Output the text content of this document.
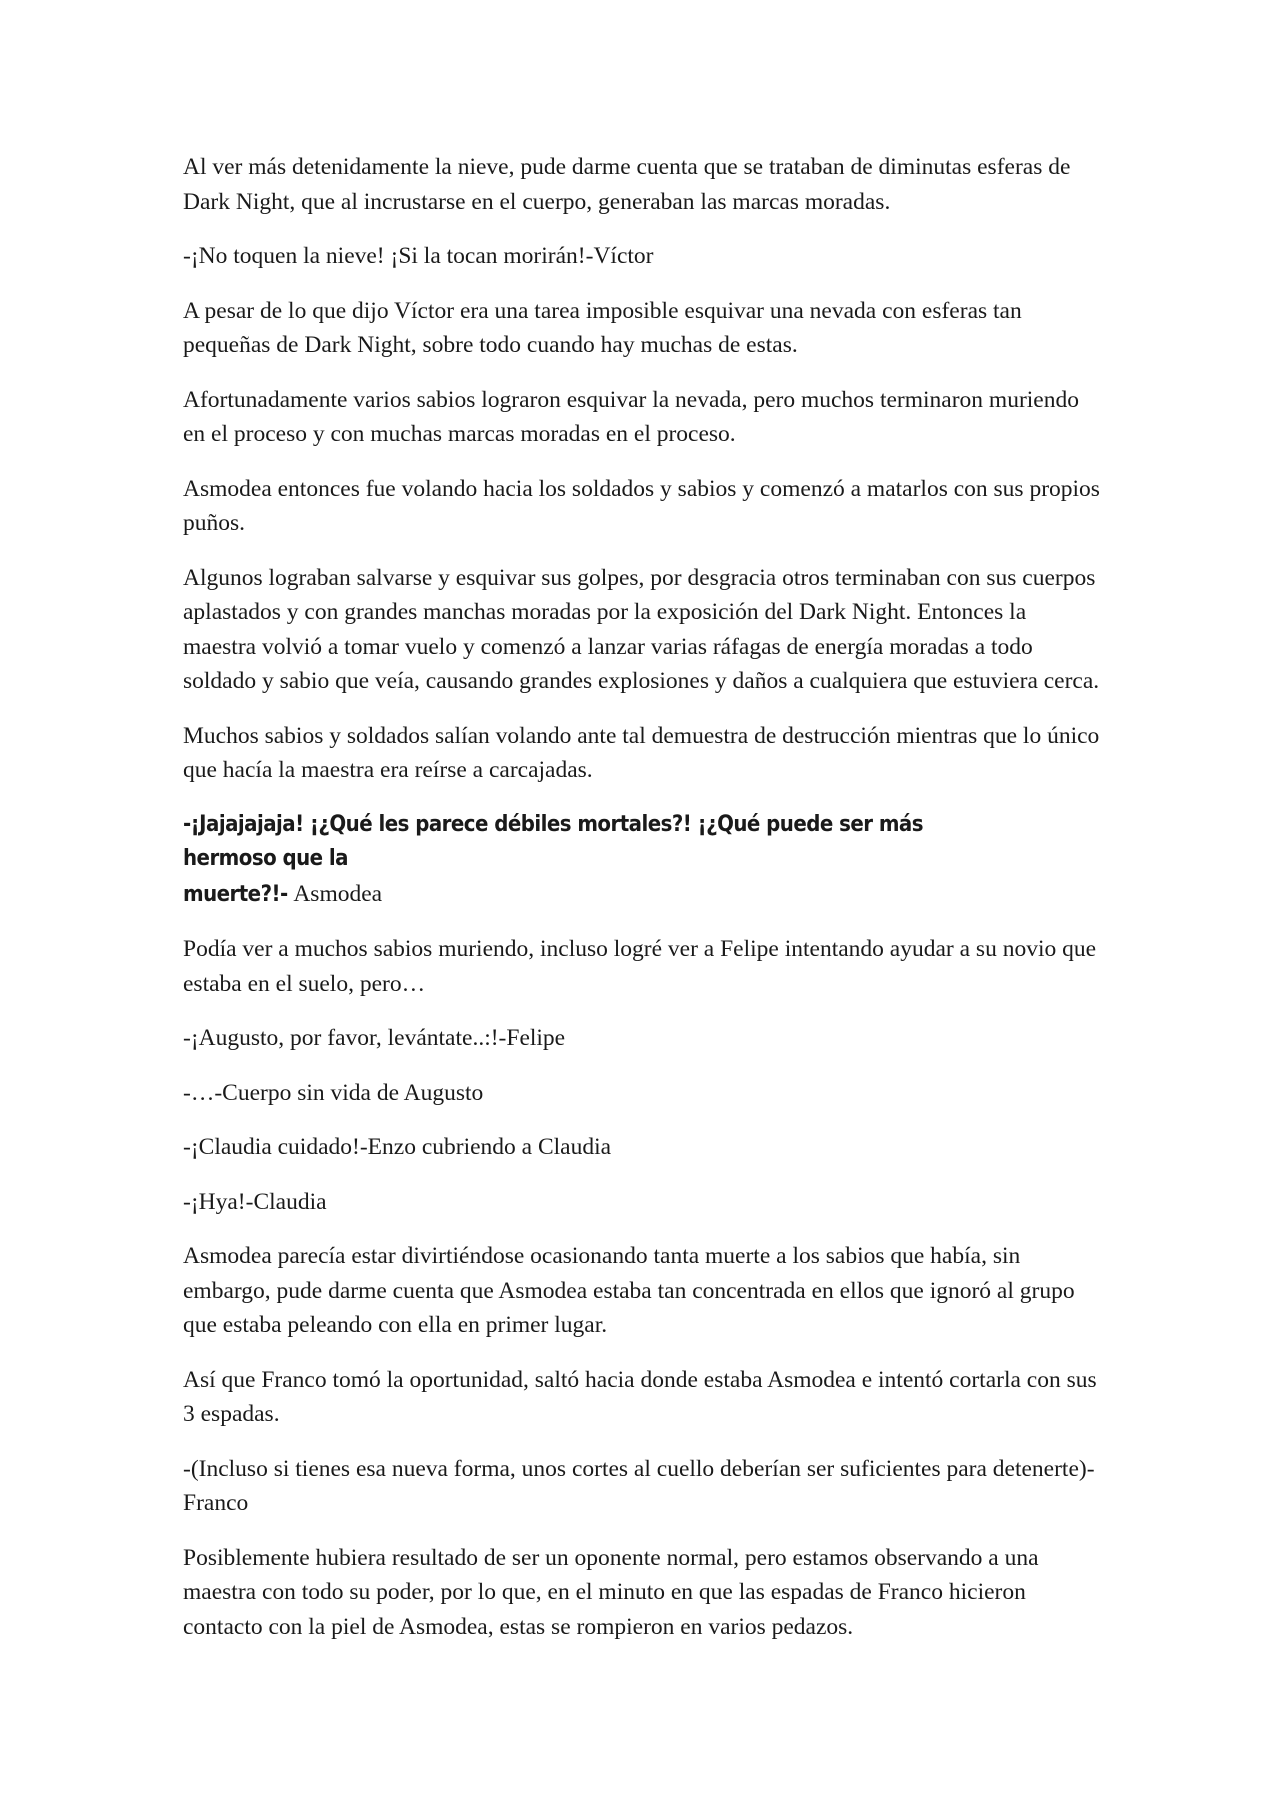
Al ver más detenidamente la nieve, pude darme cuenta que se trataban de diminutas esferas de Dark Night, que al incrustarse en el cuerpo, generaban las marcas moradas.

-¡No toquen la nieve! ¡Si la tocan morirán!-Víctor

A pesar de lo que dijo Víctor era una tarea imposible esquivar una nevada con esferas tan pequeñas de Dark Night, sobre todo cuando hay muchas de estas.

Afortunadamente varios sabios lograron esquivar la nevada, pero muchos terminaron muriendo en el proceso y con muchas marcas moradas en el proceso.

Asmodea entonces fue volando hacia los soldados y sabios y comenzó a matarlos con sus propios puños.

Algunos lograban salvarse y esquivar sus golpes, por desgracia otros terminaban con sus cuerpos aplastados y con grandes manchas moradas por la exposición del Dark Night. Entonces la maestra volvió a tomar vuelo y comenzó a lanzar varias ráfagas de energía moradas a todo soldado y sabio que veía, causando grandes explosiones y daños a cualquiera que estuviera cerca.

Muchos sabios y soldados salían volando ante tal demuestra de destrucción mientras que lo único que hacía la maestra era reírse a carcajadas.

-¡Jajajajaja! ¡¿Qué les parece débiles mortales?! ¡¿Qué puede ser más hermoso que la
muerte?!- Asmodea

Podía ver a muchos sabios muriendo, incluso logré ver a Felipe intentando ayudar a su novio que estaba en el suelo, pero…

-¡Augusto, por favor, levántate..:!-Felipe

-…-Cuerpo sin vida de Augusto

-¡Claudia cuidado!-Enzo cubriendo a Claudia

-¡Hya!-Claudia

Asmodea parecía estar divirtiéndose ocasionando tanta muerte a los sabios que había, sin embargo, pude darme cuenta que Asmodea estaba tan concentrada en ellos que ignoró al grupo que estaba peleando con ella en primer lugar.

Así que Franco tomó la oportunidad, saltó hacia donde estaba Asmodea e intentó cortarla con sus 3 espadas.

-(Incluso si tienes esa nueva forma, unos cortes al cuello deberían ser suficientes para detenerte)-Franco

Posiblemente hubiera resultado de ser un oponente normal, pero estamos observando a una maestra con todo su poder, por lo que, en el minuto en que las espadas de Franco hicieron contacto con la piel de Asmodea, estas se rompieron en varios pedazos.
